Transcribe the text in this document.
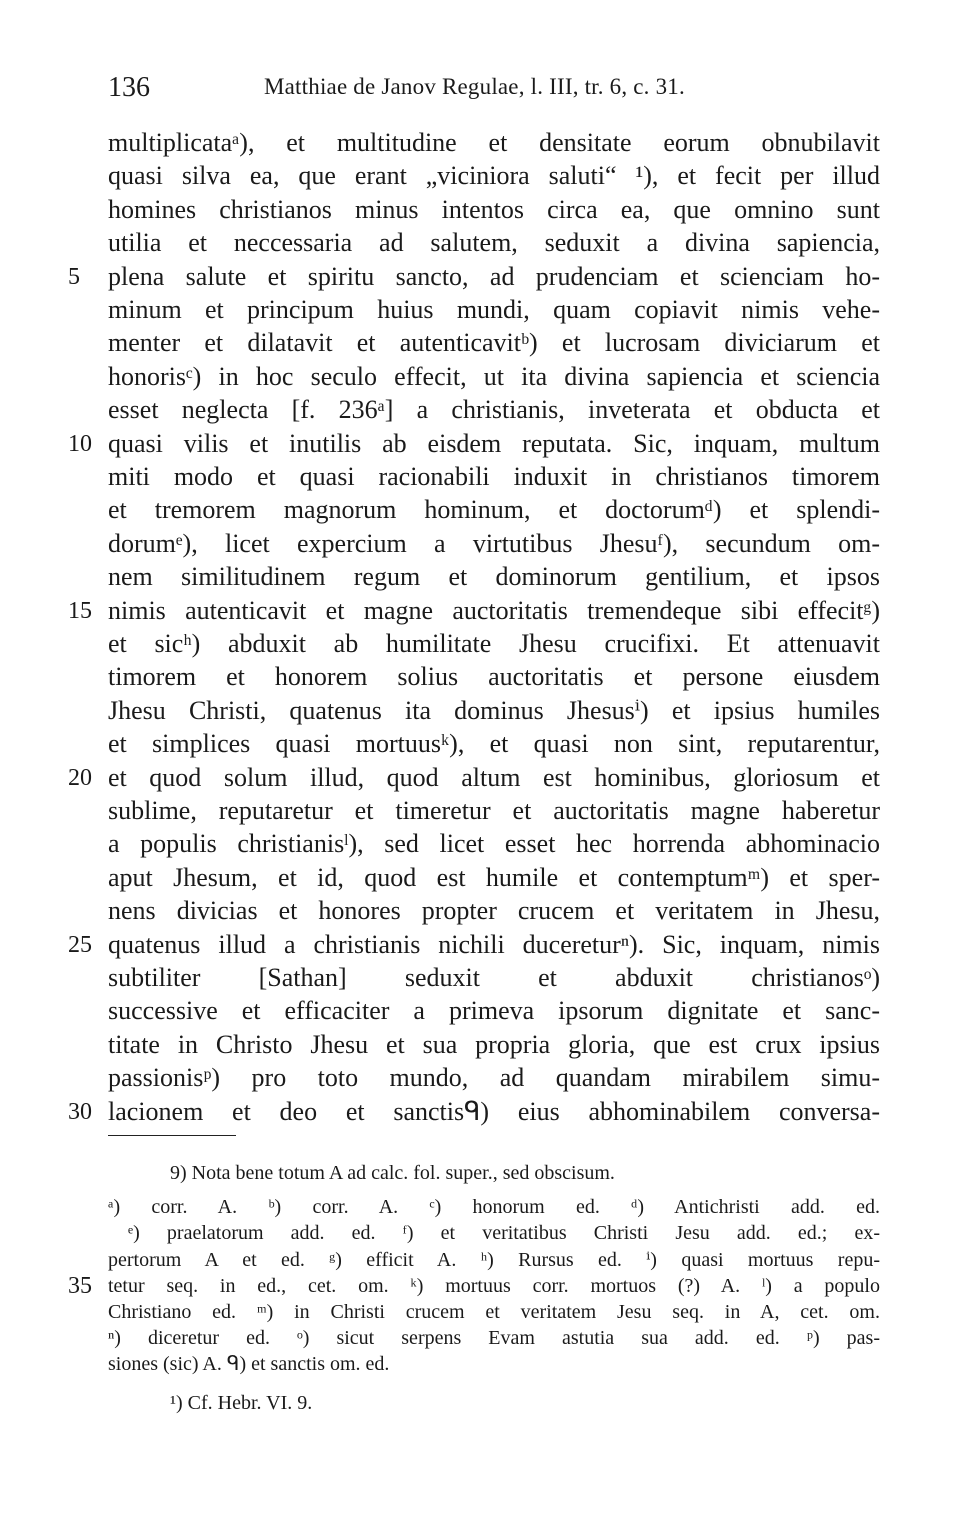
136	Matthiae de Janov Regulae, l. III, tr. 6, c. 31.
multiplicataᵃ), et multitudine et densitate eorum obnubilavit
quasi silva ea, que erant „viciniora saluti“ ¹), et fecit per illud
homines christianos minus intentos circa ea, que omnino sunt
utilia et neccessaria ad salutem, seduxit a divina sapiencia,
5	plena salute et spiritu sancto, ad prudenciam et scienciam ho-
minum et principum huius mundi, quam copiavit nimis vehe-
menter et dilatavit et autenticavitᵇ) et lucrosam diviciarum et
honorisᶜ) in hoc seculo effecit, ut ita divina sapiencia et sciencia
esset neglecta [f. 236ᵃ] a christianis, inveterata et obducta et
10 quasi vilis et inutilis ab eisdem reputata. Sic, inquam, multum
miti modo et quasi racionabili induxit in christianos timorem
et tremorem magnorum hominum, et doctorumᵈ) et splendi-
dorumᵉ), licet expercium a virtutibus Jhesuᶠ), secundum om-
nem similitudinem regum et dominorum gentilium, et ipsos
15 nimis autenticavit et magne auctoritatis tremendeque sibi effecitᵍ)
et sicʰ) abduxit ab humilitate Jhesu crucifixi. Et attenuavit
timorem et honorem solius auctoritatis et persone eiusdem
Jhesu Christi, quatenus ita dominus Jhesusⁱ) et ipsius humiles
et simplices quasi mortuusᵏ), et quasi non sint, reputarentur,
20 et quod solum illud, quod altum est hominibus, gloriosum et
sublime, reputaretur et timeretur et auctoritatis magne haberetur
a populis christianisˡ), sed licet esset hec horrenda abhominacio
aput Jhesum, et id, quod est humile et contemptumᵐ) et sper-
nens divicias et honores propter crucem et veritatem in Jhesu,
25 quatenus illud a christianis nichili ducereturⁿ). Sic, inquam, nimis
subtiliter [Sathan] seduxit et abduxit christianosᵒ)
successive et efficaciter a primeva ipsorum dignitate et sanc-
titate in Christo Jhesu et sua propria gloria, que est crux ipsius
passionisᵖ) pro toto mundo, ad quandam mirabilem simu-
30 lacionem et deo et sanctisᑫ) eius abhominabilem conversa-
9) Nota bene totum A ad calc. fol. super., sed obscisum.
ᵃ) corr. A. ᵇ) corr. A. ᶜ) honorum ed. ᵈ) Antichristi add. ed.
ᵉ) praelatorum add. ed. ᶠ) et veritatibus Christi Jesu add. ed.; ex-
pertorum A et ed. ᵍ) efficit A. ʰ) Rursus ed. ⁱ) quasi mortuus repu-
35 tetur seq. in ed., cet. om. ᵏ) mortuus corr. mortuos (?) A. ˡ) a populo
Christiano ed. ᵐ) in Christi crucem et veritatem Jesu seq. in A, cet. om.
ⁿ) diceretur ed. ᵒ) sicut serpens Evam astutia sua add. ed. ᵖ) pas-
siones (sic) A. ᑫ) et sanctis om. ed.
¹) Cf. Hebr. VI. 9.
